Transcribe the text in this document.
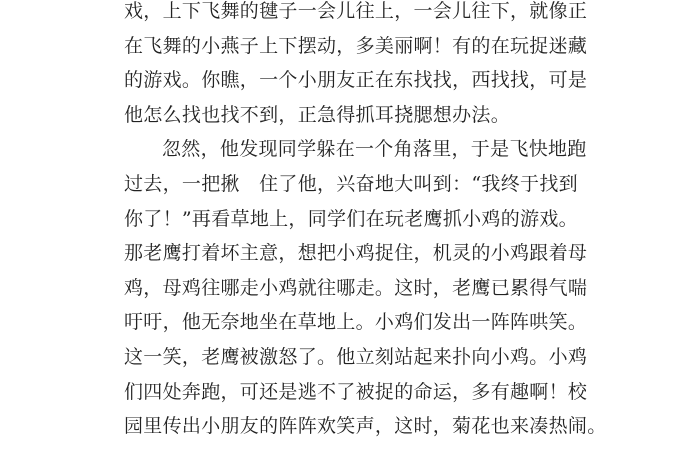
戏，上下飞舞的毽子一会儿往上，一会儿往下，就像正
在飞舞的小燕子上下摆动，多美丽啊！有的在玩捉迷藏
的游戏。你瞧，一个小朋友正在东找找，西找找，可是
他怎么找也找不到，正急得抓耳挠腮想办法。
忽然，他发现同学躲在一个角落里，于是飞快地跑
过去，一把揪　住了他，兴奋地大叫到：“我终于找到
你了！”再看草地上，同学们在玩老鹰抓小鸡的游戏。
那老鹰打着坏主意，想把小鸡捉住，机灵的小鸡跟着母
鸡，母鸡往哪走小鸡就往哪走。这时，老鹰已累得气喘
吁吁，他无奈地坐在草地上。小鸡们发出一阵阵哄笑。
这一笑，老鹰被激怒了。他立刻站起来扑向小鸡。小鸡
们四处奔跑，可还是逃不了被捉的命运，多有趣啊！校
园里传出小朋友的阵阵欢笑声，这时，菊花也来凑热闹。
